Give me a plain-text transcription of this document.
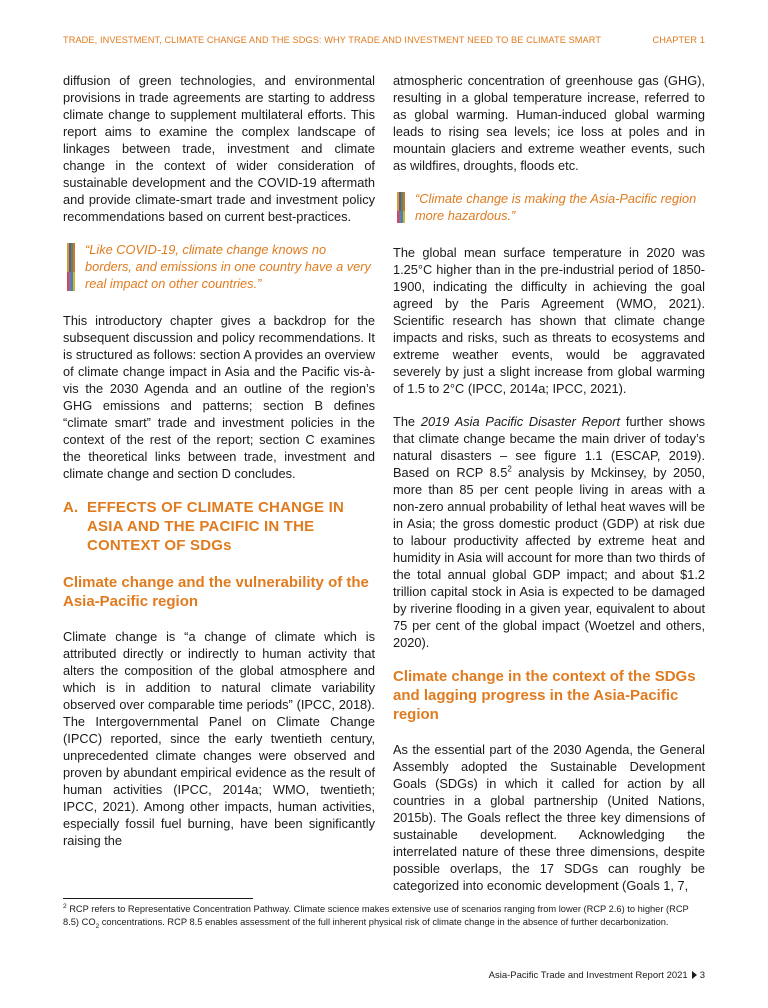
TRADE, INVESTMENT, CLIMATE CHANGE AND THE SDGS: WHY TRADE AND INVESTMENT NEED TO BE CLIMATE SMART	CHAPTER 1

diffusion of green technologies, and environmental provisions in trade agreements are starting to address climate change to supplement multilateral efforts. This report aims to examine the complex landscape of linkages between trade, investment and climate change in the context of wider consideration of sustainable development and the COVID-19 aftermath and provide climate-smart trade and investment policy recommendations based on current best-practices.

“Like COVID-19, climate change knows no borders, and emissions in one country have a very real impact on other countries.”

This introductory chapter gives a backdrop for the subsequent discussion and policy recommendations. It is structured as follows: section A provides an overview of climate change impact in Asia and the Pacific vis-à-vis the 2030 Agenda and an outline of the region’s GHG emissions and patterns; section B defines “climate smart” trade and investment policies in the context of the rest of the report; section C examines the theoretical links between trade, investment and climate change and section D concludes.

A. EFFECTS OF CLIMATE CHANGE IN ASIA AND THE PACIFIC IN THE CONTEXT OF SDGs
Climate change and the vulnerability of the Asia-Pacific region

Climate change is “a change of climate which is attributed directly or indirectly to human activity that alters the composition of the global atmosphere and which is in addition to natural climate variability observed over comparable time periods” (IPCC, 2018). The Intergovernmental Panel on Climate Change (IPCC) reported, since the early twentieth century, unprecedented climate changes were observed and proven by abundant empirical evidence as the result of human activities (IPCC, 2014a; WMO, twentieth; IPCC, 2021). Among other impacts, human activities, especially fossil fuel burning, have been significantly raising the

atmospheric concentration of greenhouse gas (GHG), resulting in a global temperature increase, referred to as global warming. Human-induced global warming leads to rising sea levels; ice loss at poles and in mountain glaciers and extreme weather events, such as wildfires, droughts, floods etc.

“Climate change is making the Asia-Pacific region more hazardous.”

The global mean surface temperature in 2020 was 1.25°C higher than in the pre-industrial period of 1850-1900, indicating the difficulty in achieving the goal agreed by the Paris Agreement (WMO, 2021). Scientific research has shown that climate change impacts and risks, such as threats to ecosystems and extreme weather events, would be aggravated severely by just a slight increase from global warming of 1.5 to 2°C (IPCC, 2014a; IPCC, 2021).

The 2019 Asia Pacific Disaster Report further shows that climate change became the main driver of today’s natural disasters – see figure 1.1 (ESCAP, 2019). Based on RCP $8.5^2$ analysis by Mckinsey, by 2050, more than 85 per cent people living in areas with a non-zero annual probability of lethal heat waves will be in Asia; the gross domestic product (GDP) at risk due to labour productivity affected by extreme heat and humidity in Asia will account for more than two thirds of the total annual global GDP impact; and about $1.2 trillion capital stock in Asia is expected to be damaged by riverine flooding in a given year, equivalent to about 75 per cent of the global impact (Woetzel and others, 2020).

Climate change in the context of the SDGs and lagging progress in the Asia-Pacific region

As the essential part of the 2030 Agenda, the General Assembly adopted the Sustainable Development Goals (SDGs) in which it called for action by all countries in a global partnership (United Nations, 2015b). The Goals reflect the three key dimensions of sustainable development. Acknowledging the interrelated nature of these three dimensions, despite possible overlaps, the 17 SDGs can roughly be categorized into economic development (Goals 1, 7,

$^2$ RCP refers to Representative Concentration Pathway. Climate science makes extensive use of scenarios ranging from lower (RCP 2.6) to higher (RCP 8.5) $CO_2$ concentrations. RCP 8.5 enables assessment of the full inherent physical risk of climate change in the absence of further decarbonization.
Asia-Pacific Trade and Investment Report 2021 3
